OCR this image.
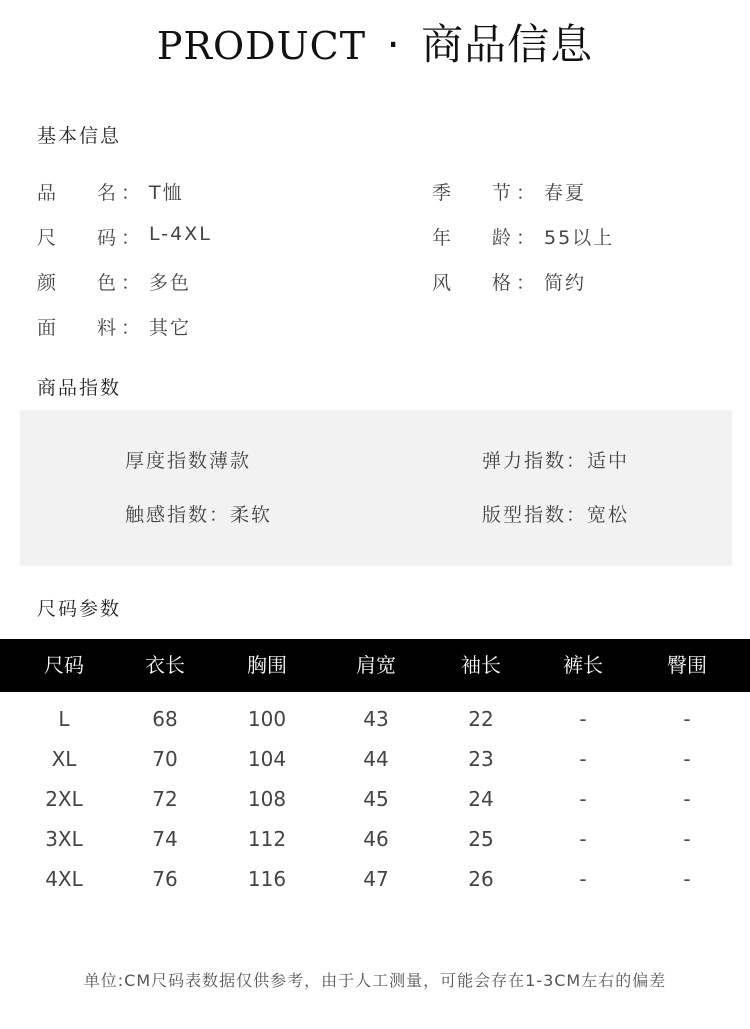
PRODUCT · 商品信息
基本信息
品 名 ： T恤
尺 码 ： L-4XL
颜 色 ： 多色
面 料 ： 其它
季 节 ： 春夏
年 龄 ： 55以上
风 格 ： 简约
商品指数
厚度指数薄款	弹力指数：适中
触感指数：柔软	版型指数：宽松
尺码参数
尺码	衣长	胸围	肩宽	袖长	裤长	臀围
L	68	100	43	22	-	-
XL	70	104	44	23	-	-
2XL	72	108	45	24	-	-
3XL	74	112	46	25	-	-
4XL	76	116	47	26	-	-
单位:CM尺码表数据仅供参考，由于人工测量，可能会存在1-3CM左右的偏差
